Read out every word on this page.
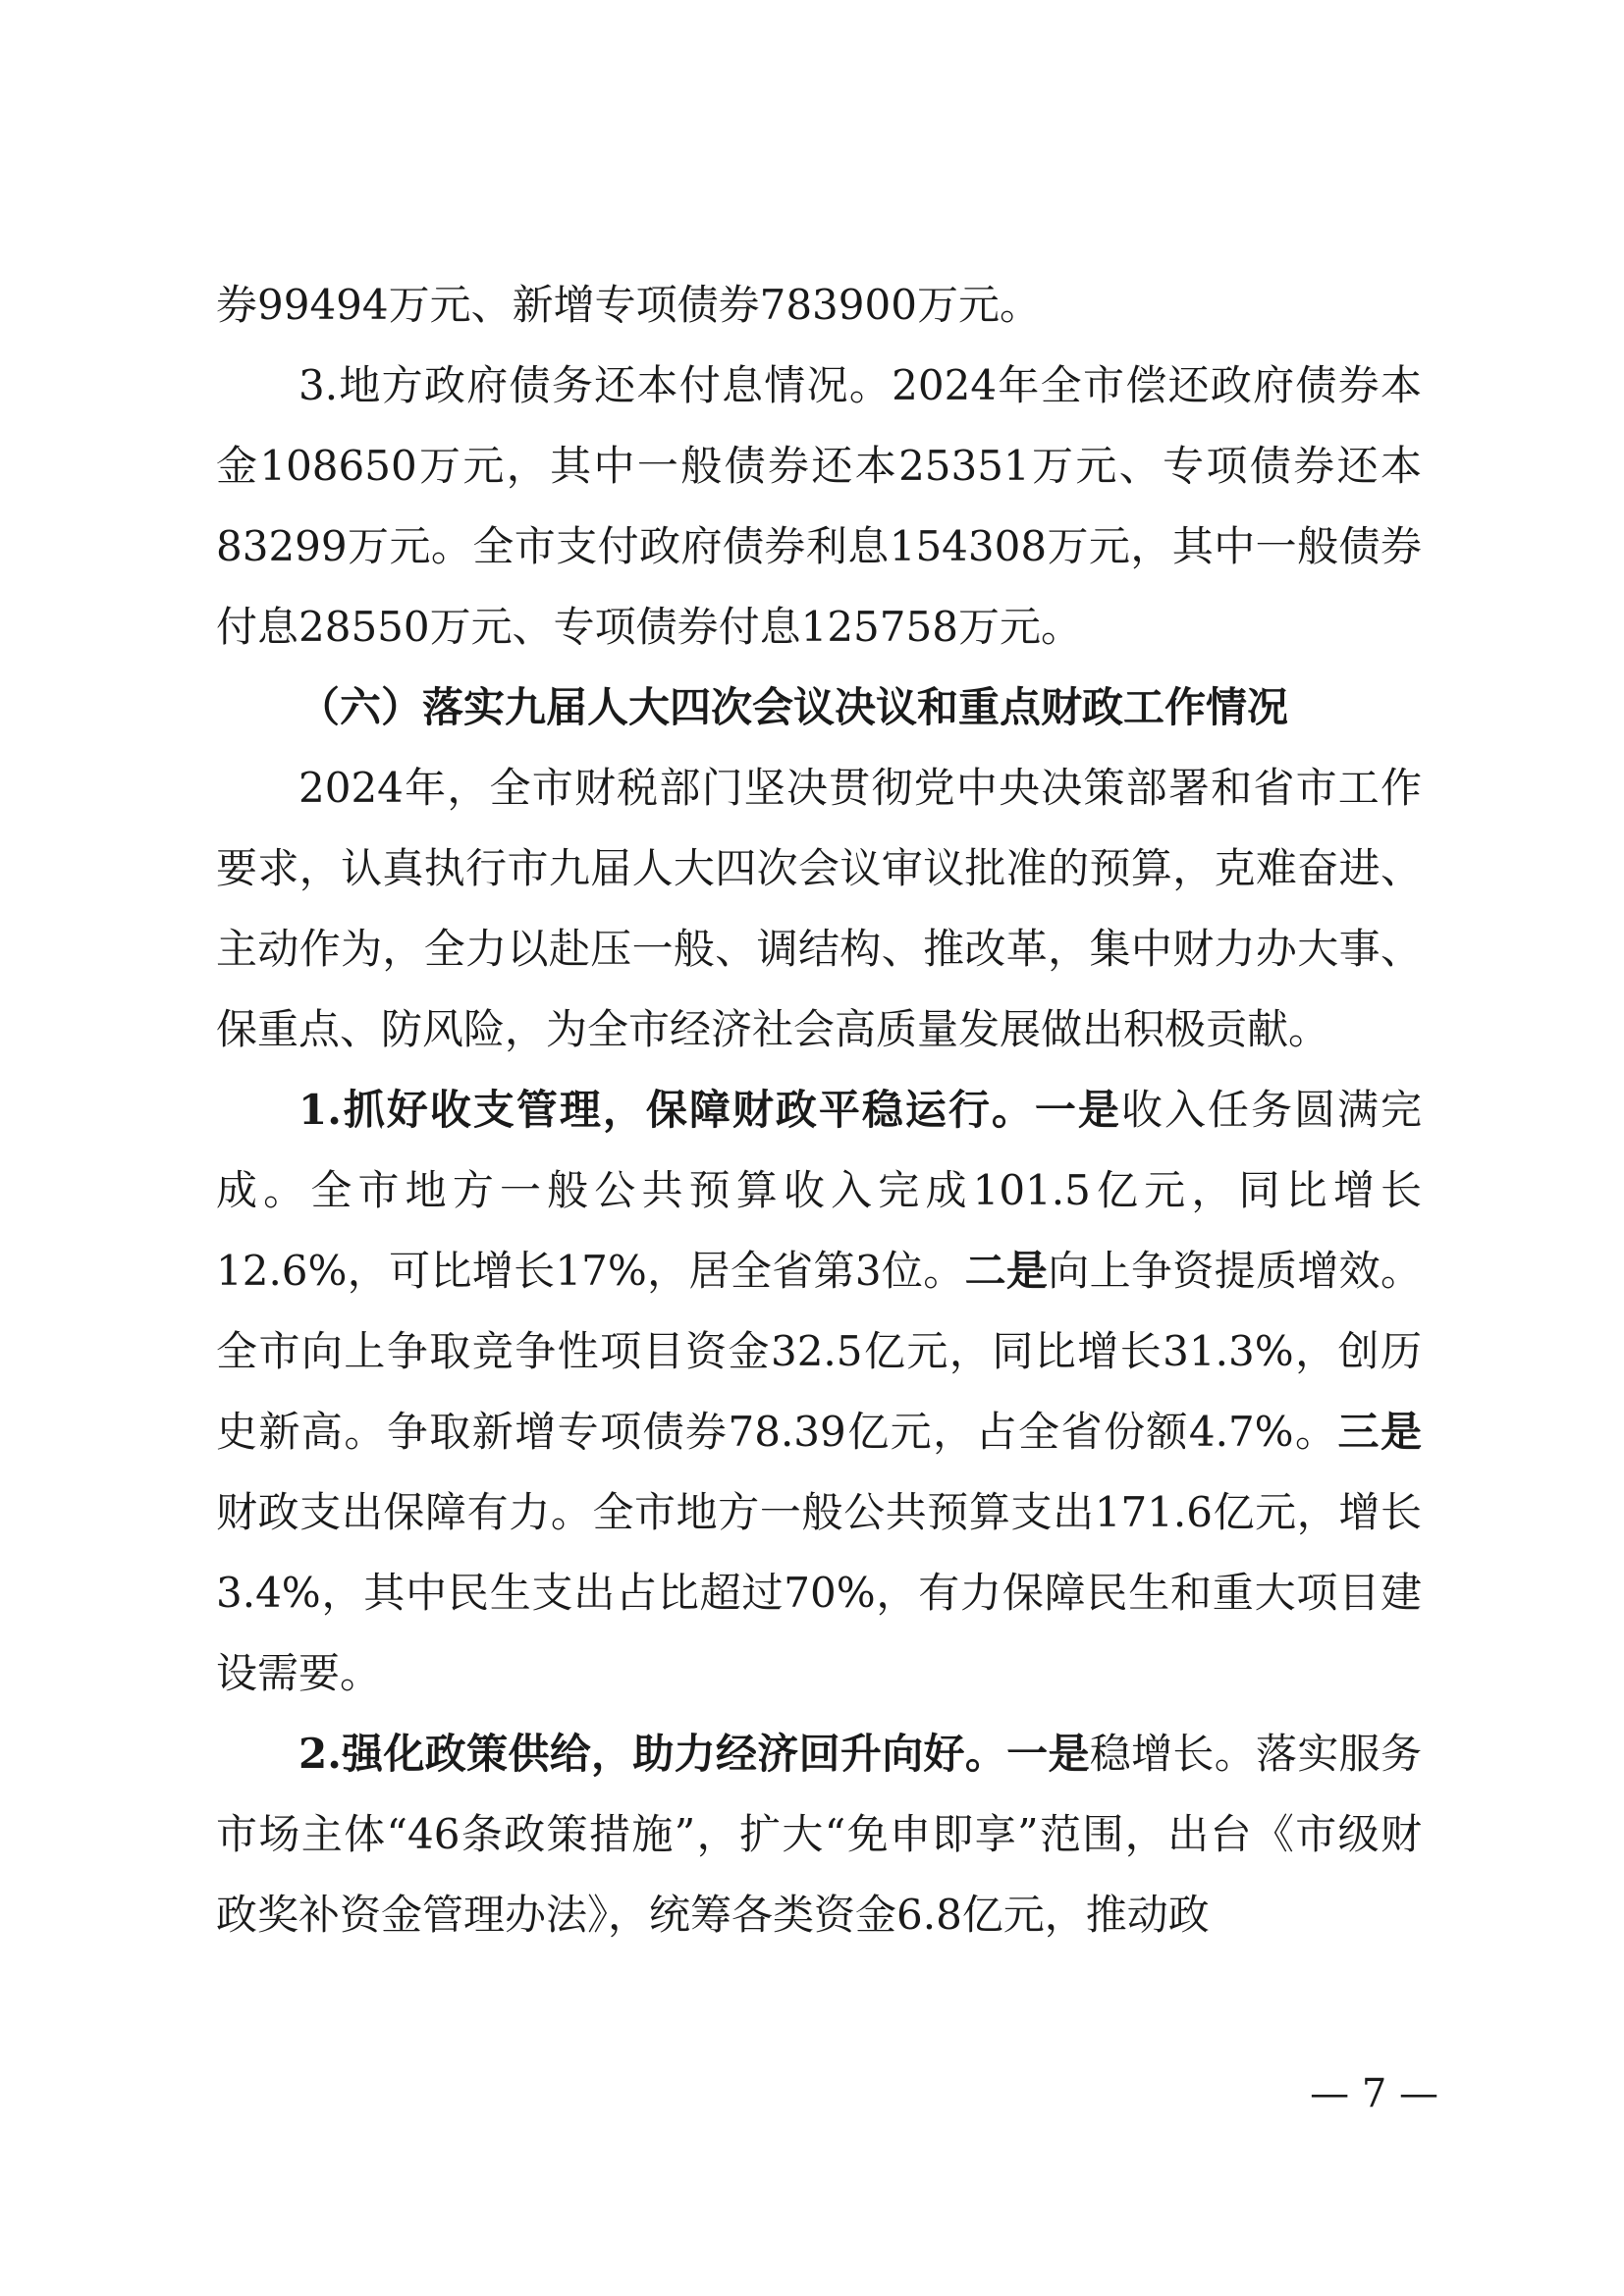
券99494万元、新增专项债券783900万元。

3.地方政府债务还本付息情况。2024年全市偿还政府债券本金108650万元，其中一般债券还本25351万元、专项债券还本83299万元。全市支付政府债券利息154308万元，其中一般债券付息28550万元、专项债券付息125758万元。

（六）落实九届人大四次会议决议和重点财政工作情况

2024年，全市财税部门坚决贯彻党中央决策部署和省市工作要求，认真执行市九届人大四次会议审议批准的预算，克难奋进、主动作为，全力以赴压一般、调结构、推改革，集中财力办大事、保重点、防风险，为全市经济社会高质量发展做出积极贡献。

1.抓好收支管理，保障财政平稳运行。一是收入任务圆满完成。全市地方一般公共预算收入完成101.5亿元，同比增长12.6%，可比增长17%，居全省第3位。二是向上争资提质增效。全市向上争取竞争性项目资金32.5亿元，同比增长31.3%，创历史新高。争取新增专项债券78.39亿元，占全省份额4.7%。三是财政支出保障有力。全市地方一般公共预算支出171.6亿元，增长3.4%，其中民生支出占比超过70%，有力保障民生和重大项目建设需要。

2.强化政策供给，助力经济回升向好。一是稳增长。落实服务市场主体“46条政策措施”，扩大“免申即享”范围，出台《市级财政奖补资金管理办法》，统筹各类资金6.8亿元，推动政

— 7 —
